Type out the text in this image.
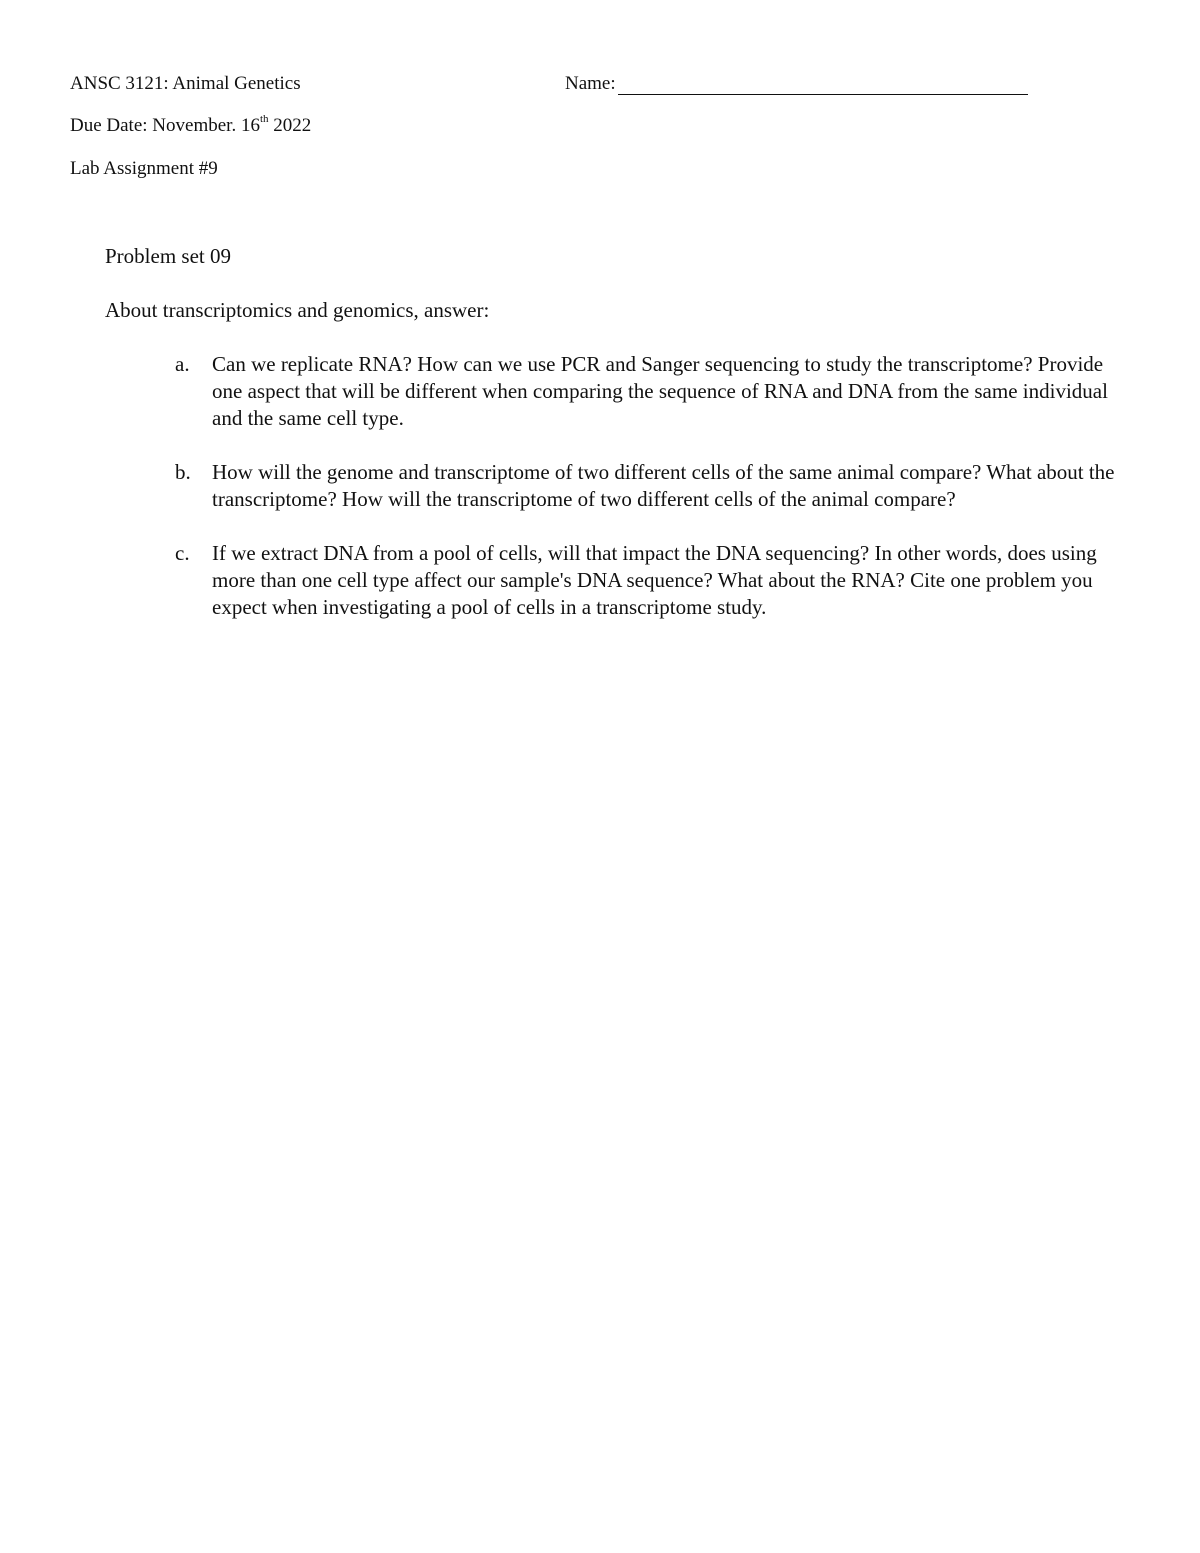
ANSC 3121: Animal Genetics	Name:
Due Date: November. 16th 2022
Lab Assignment #9
Problem set 09
About transcriptomics and genomics, answer:
a. Can we replicate RNA? How can we use PCR and Sanger sequencing to study the transcriptome? Provide one aspect that will be different when comparing the sequence of RNA and DNA from the same individual and the same cell type.
b. How will the genome and transcriptome of two different cells of the same animal compare? What about the transcriptome? How will the transcriptome of two different cells of the animal compare?
c. If we extract DNA from a pool of cells, will that impact the DNA sequencing? In other words, does using more than one cell type affect our sample's DNA sequence? What about the RNA? Cite one problem you expect when investigating a pool of cells in a transcriptome study.
